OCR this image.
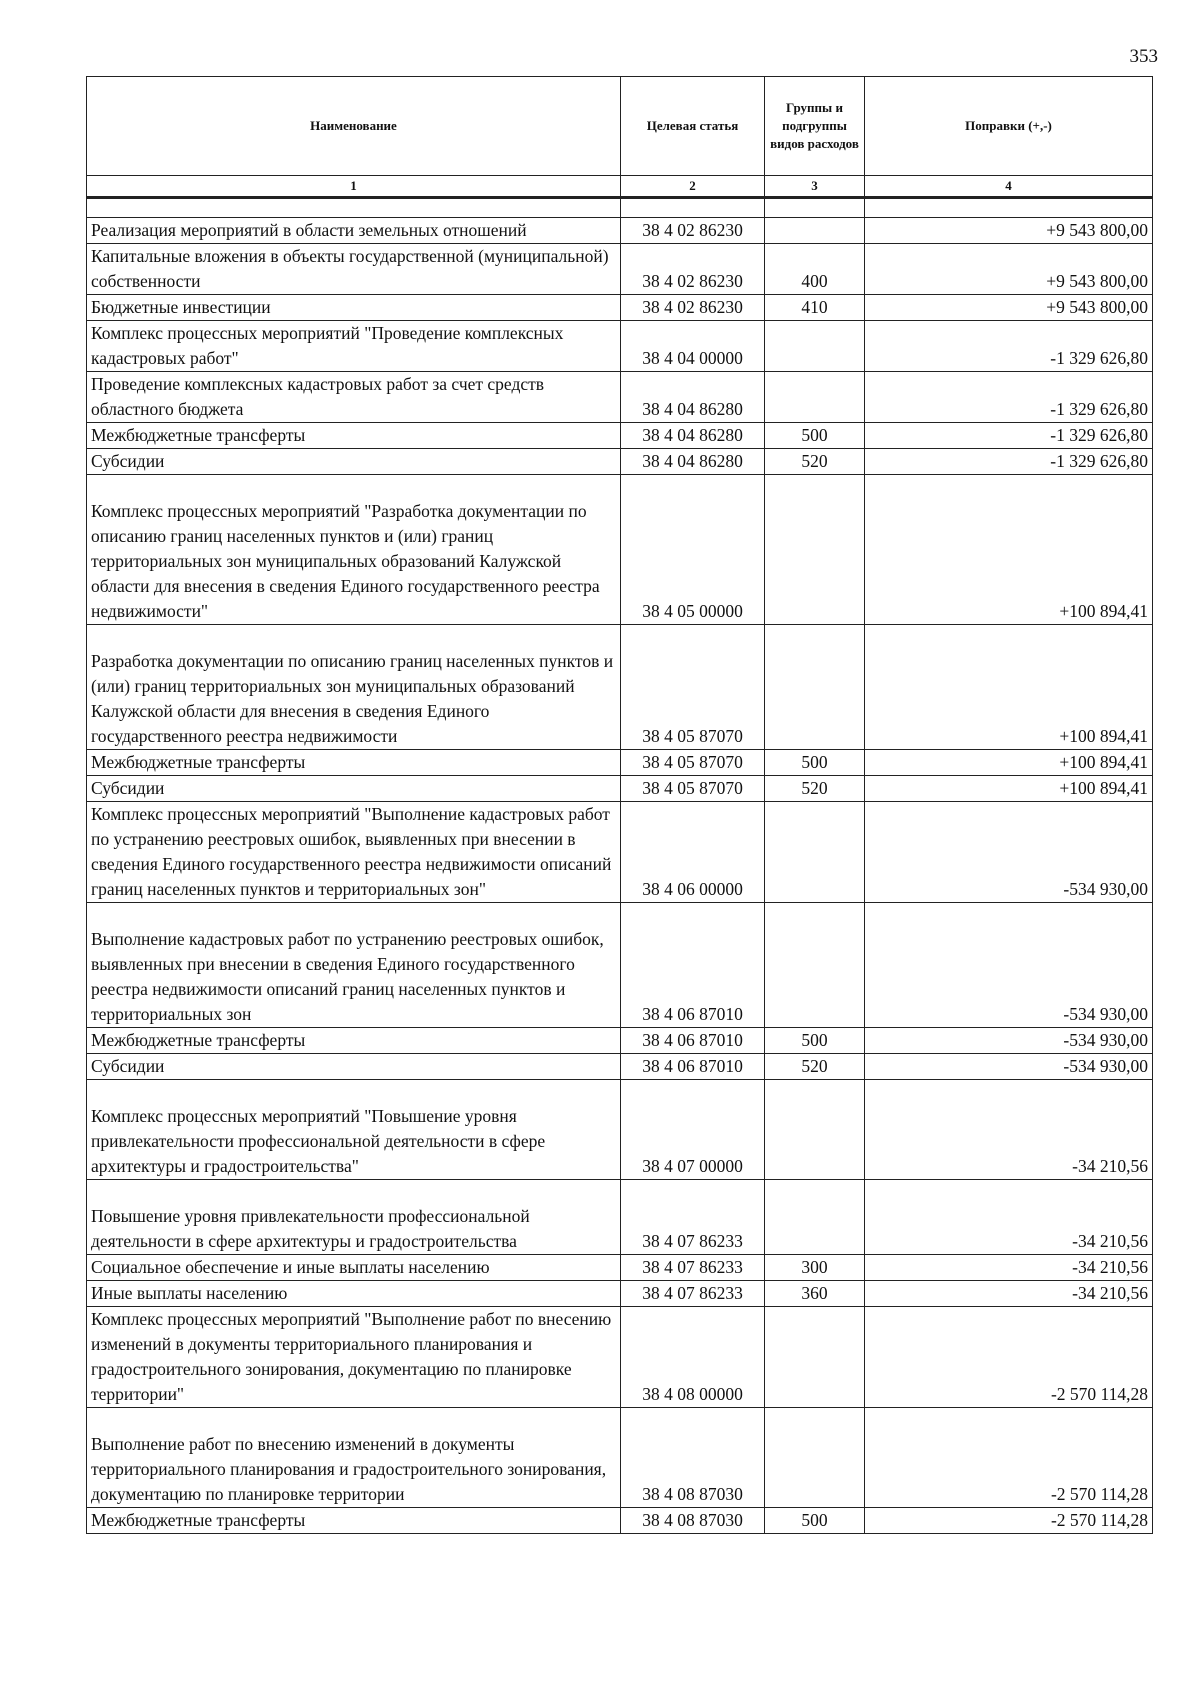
353
Наименование	Целевая статья	Группы и подгруппы видов расходов	Поправки (+,-)
1	2	3	4

Реализация мероприятий в области земельных отношений	38 4 02 86230		+9 543 800,00
Капитальные вложения в объекты государственной (муниципальной) собственности	38 4 02 86230	400	+9 543 800,00
Бюджетные инвестиции	38 4 02 86230	410	+9 543 800,00
Комплекс процессных мероприятий "Проведение комплексных кадастровых работ"	38 4 04 00000		-1 329 626,80
Проведение комплексных кадастровых работ за счет средств областного бюджета	38 4 04 86280		-1 329 626,80
Межбюджетные трансферты	38 4 04 86280	500	-1 329 626,80
Субсидии	38 4 04 86280	520	-1 329 626,80
Комплекс процессных мероприятий "Разработка документации по описанию границ населенных пунктов и (или) границ территориальных зон муниципальных образований Калужской области для внесения в сведения Единого государственного реестра недвижимости"	38 4 05 00000		+100 894,41
Разработка документации по описанию границ населенных пунктов и (или) границ территориальных зон муниципальных образований Калужской области для внесения в сведения Единого государственного реестра недвижимости	38 4 05 87070		+100 894,41
Межбюджетные трансферты	38 4 05 87070	500	+100 894,41
Субсидии	38 4 05 87070	520	+100 894,41
Комплекс процессных мероприятий "Выполнение кадастровых работ по устранению реестровых ошибок, выявленных при внесении в сведения Единого государственного реестра недвижимости описаний границ населенных пунктов и территориальных зон"	38 4 06 00000		-534 930,00
Выполнение кадастровых работ по устранению реестровых ошибок, выявленных при внесении в сведения Единого государственного реестра недвижимости описаний границ населенных пунктов и территориальных зон	38 4 06 87010		-534 930,00
Межбюджетные трансферты	38 4 06 87010	500	-534 930,00
Субсидии	38 4 06 87010	520	-534 930,00
Комплекс процессных мероприятий "Повышение уровня привлекательности профессиональной деятельности в сфере архитектуры и градостроительства"	38 4 07 00000		-34 210,56
Повышение уровня привлекательности профессиональной деятельности в сфере архитектуры и градостроительства	38 4 07 86233		-34 210,56
Социальное обеспечение и иные выплаты населению	38 4 07 86233	300	-34 210,56
Иные выплаты населению	38 4 07 86233	360	-34 210,56
Комплекс процессных мероприятий "Выполнение работ по внесению изменений в документы территориального планирования и градостроительного зонирования, документацию по планировке территории"	38 4 08 00000		-2 570 114,28
Выполнение работ по внесению изменений в документы территориального планирования и градостроительного зонирования, документацию по планировке территории	38 4 08 87030		-2 570 114,28
Межбюджетные трансферты	38 4 08 87030	500	-2 570 114,28
